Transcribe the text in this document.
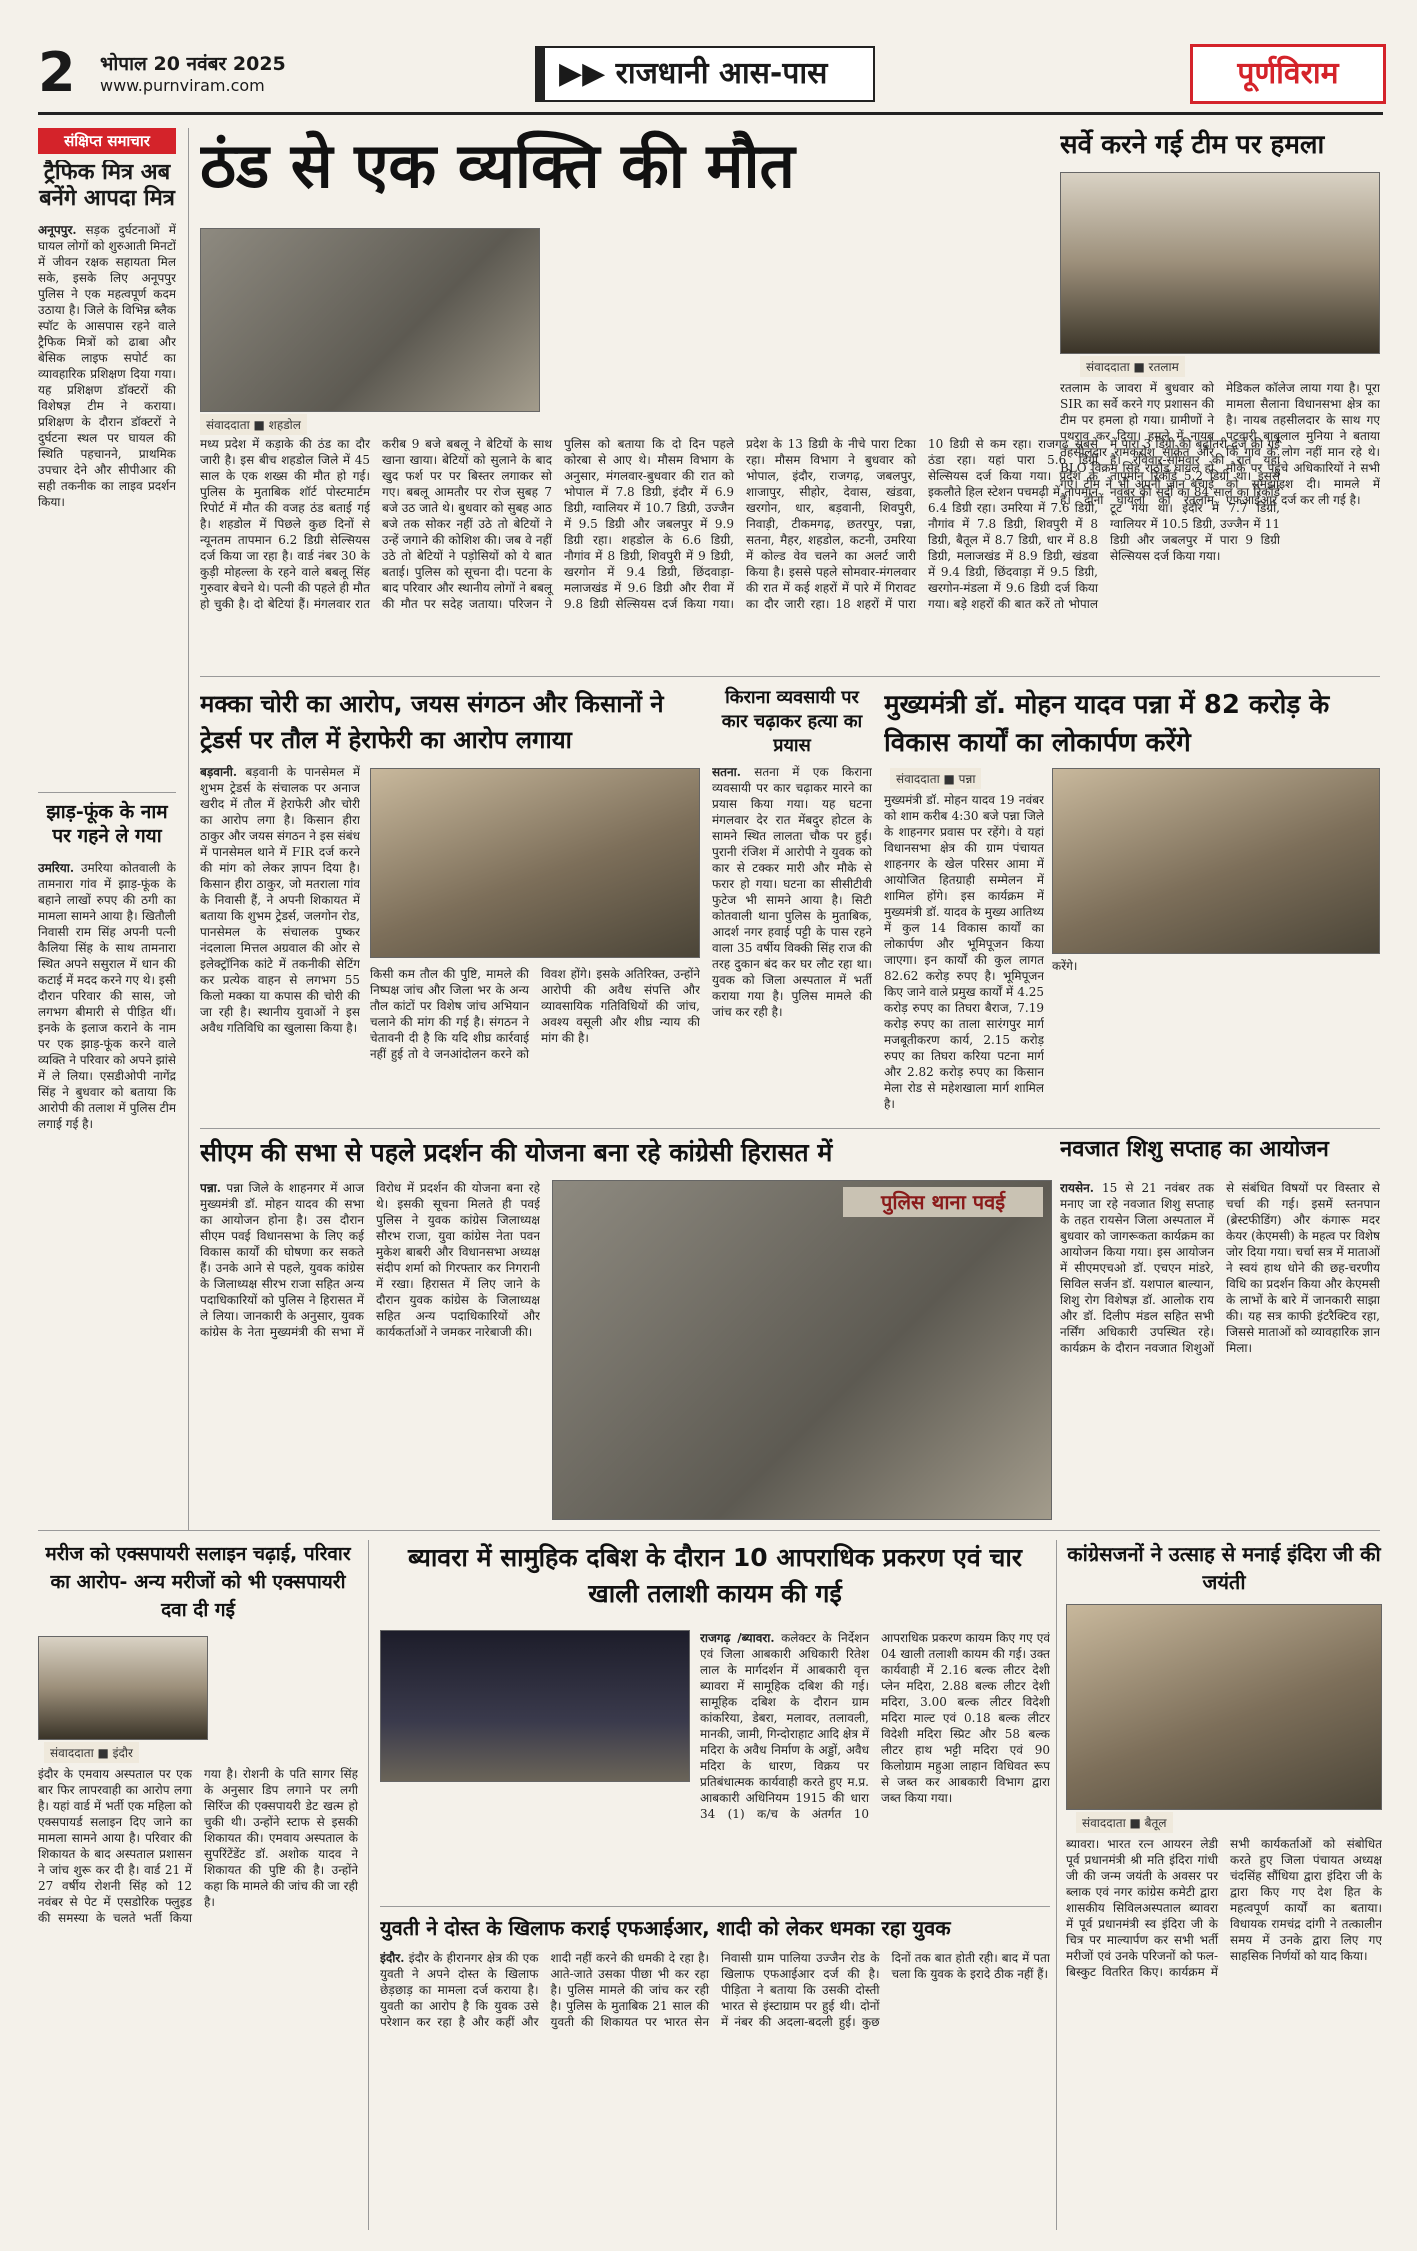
2	भोपाल 20 नवंबर 2025
www.purnviram.com	▶▶ राजधानी आस-पास	पूर्णविराम
संक्षिप्त समाचार
ट्रैफिक मित्र अब बनेंगे आपदा मित्र
अनूपपुर. सड़क दुर्घटनाओं में घायल लोगों को शुरुआती मिनटों में जीवन रक्षक सहायता मिल सके, इसके लिए अनूपपुर पुलिस ने एक महत्वपूर्ण कदम उठाया है। जिले के विभिन्न ब्लैक स्पॉट के आसपास रहने वाले ट्रैफिक मित्रों को ढाबा और बेसिक लाइफ सपोर्ट का व्यावहारिक प्रशिक्षण दिया गया। यह प्रशिक्षण डॉक्टरों की विशेषज्ञ टीम ने कराया। प्रशिक्षण के दौरान डॉक्टरों ने दुर्घटना स्थल पर घायल की स्थिति पहचानने, प्राथमिक उपचार देने और सीपीआर की सही तकनीक का लाइव प्रदर्शन किया।
झाड़-फूंक के नाम पर गहने ले गया
उमरिया. उमरिया कोतवाली के तामनारा गांव में झाड़-फूंक के बहाने लाखों रुपए की ठगी का मामला सामने आया है। खितौली निवासी राम सिंह अपनी पत्नी कैलिया सिंह के साथ तामनारा स्थित अपने ससुराल में धान की कटाई में मदद करने गए थे। इसी दौरान परिवार की सास, जो लगभग बीमारी से पीड़ित थीं। इनके के इलाज कराने के नाम पर एक झाड़-फूंक करने वाले व्यक्ति ने परिवार को अपने झांसे में ले लिया। एसडीओपी नागेंद्र सिंह ने बुधवार को बताया कि आरोपी की तलाश में पुलिस टीम लगाई गई है।
ठंड से एक व्यक्ति की मौत
संवाददाता ■ शहडोल
मध्य प्रदेश में कड़ाके की ठंड का दौर जारी है। इस बीच शहडोल जिले में 45 साल के एक शख्स की मौत हो गई। पुलिस के मुताबिक शॉर्ट पोस्टमार्टम रिपोर्ट में मौत की वजह ठंड बताई गई है। शहडोल में पिछले कुछ दिनों से न्यूनतम तापमान 6.2 डिग्री सेल्सियस दर्ज किया जा रहा है। वार्ड नंबर 30 के कुड़ी मोहल्ला के रहने वाले बबलू सिंह गुरुवार बेचने थे। पत्नी की पहले ही मौत हो चुकी है। दो बेटियां हैं। मंगलवार रात करीब 9 बजे बबलू ने बेटियों के साथ खाना खाया। बेटियों को सुलाने के बाद खुद फर्श पर पर बिस्तर लगाकर सो गए। बबलू आमतौर पर रोज सुबह 7 बजे उठ जाते थे। बुधवार को सुबह आठ बजे तक सोकर नहीं उठे तो बेटियों ने उन्हें जगाने की कोशिश की। जब वे नहीं उठे तो बेटियों ने पड़ोसियों को ये बात बताई। पुलिस को सूचना दी। पटना के बाद परिवार और स्थानीय लोगों ने बबलू की मौत पर सदेह जताया। परिजन ने पुलिस को बताया कि दो दिन पहले कोरबा से आए थे। मौसम विभाग के अनुसार, मंगलवार-बुधवार की रात को भोपाल में 7.8 डिग्री, इंदौर में 6.9 डिग्री, ग्वालियर में 10.7 डिग्री, उज्जैन में 9.5 डिग्री और जबलपुर में 9.9 डिग्री रहा। शहडोल के 6.6 डिग्री, नौगांव में 8 डिग्री, शिवपुरी में 9 डिग्री, खरगोन में 9.4 डिग्री, छिंदवाड़ा-मलाजखंड में 9.6 डिग्री और रीवा में 9.8 डिग्री सेल्सियस दर्ज किया गया। प्रदेश के 13 डिग्री के नीचे पारा टिका रहा। मौसम विभाग ने बुधवार को भोपाल, इंदौर, राजगढ़, जबलपुर, शाजापुर, सीहोर, देवास, खंडवा, खरगोन, धार, बड़वानी, शिवपुरी, निवाड़ी, टीकमगढ़, छतरपुर, पन्ना, सतना, मैहर, शहडोल, कटनी, उमरिया में कोल्ड वेव चलने का अलर्ट जारी किया है। इससे पहले सोमवार-मंगलवार की रात में कई शहरों में पारे में गिरावट का दौर जारी रहा। 18 शहरों में पारा 10 डिग्री से कम रहा। राजगढ़ सबसे ठंडा रहा। यहां पारा 5.6 डिग्री सेल्सियस दर्ज किया गया। प्रदेश के इकलौते हिल स्टेशन पचमढ़ी में तापमान 6.4 डिग्री रहा। उमरिया में 7.6 डिग्री, नौगांव में 7.8 डिग्री, शिवपुरी में 8 डिग्री, बैतूल में 8.7 डिग्री, धार में 8.8 डिग्री, मलाजखंड में 8.9 डिग्री, खंडवा में 9.4 डिग्री, छिंदवाड़ा में 9.5 डिग्री, खरगोन-मंडला में 9.6 डिग्री दर्ज किया गया। बड़े शहरों की बात करें तो भोपाल में पारा 3 डिग्री की बढ़ोतरी दर्ज की गई है। रविवार-सोमवार की रात यहां तापमान रिकॉर्ड 5.2 डिग्री था। इससे नवंबर की सर्दी का 84 साल का रिकॉर्ड टूट गया था। इंदौर में 7.7 डिग्री, ग्वालियर में 10.5 डिग्री, उज्जैन में 11 डिग्री और जबलपुर में पारा 9 डिग्री सेल्सियस दर्ज किया गया।
सर्वे करने गई टीम पर हमला
संवाददाता ■ रतलाम
रतलाम के जावरा में बुधवार को SIR का सर्वे करने गए प्रशासन की टीम पर हमला हो गया। ग्रामीणों ने पथराव कर दिया। हमले में नायब तहसीलदार रामकरोश साकेत और BLO विक्रम सिंह राठौड़ घायल हो गए। टीम ने भी अपनी जान बचाई है। दोनों घायलों को रतलाम मेडिकल कॉलेज लाया गया है। पूरा मामला सैलाना विधानसभा क्षेत्र का है। नायब तहसीलदार के साथ गए पटवारी बाबूलाल मुनिया ने बताया कि गांव के लोग नहीं मान रहे थे। मौके पर पहुंचे अधिकारियों ने सभी को समझाइश दी। मामले में एफआईआर दर्ज कर ली गई है।
मक्का चोरी का आरोप, जयस संगठन और किसानों ने ट्रेडर्स पर तौल में हेराफेरी का आरोप लगाया
बड़वानी. बड़वानी के पानसेमल में शुभम ट्रेडर्स के संचालक पर अनाज खरीद में तौल में हेराफेरी और चोरी का आरोप लगा है। किसान हीरा ठाकुर और जयस संगठन ने इस संबंध में पानसेमल थाने में FIR दर्ज करने की मांग को लेकर ज्ञापन दिया है। किसान हीरा ठाकुर, जो मतराला गांव के निवासी हैं, ने अपनी शिकायत में बताया कि शुभम ट्रेडर्स, जलगोन रोड, पानसेमल के संचालक पुष्कर नंदलाला मित्तल अग्रवाल की ओर से इलेक्ट्रॉनिक कांटे में तकनीकी सेटिंग कर प्रत्येक वाहन से लगभग 55 किलो मक्का या कपास की चोरी की जा रही है। स्थानीय युवाओं ने इस अवैध गतिविधि का खुलासा किया है।
किसी कम तौल की पुष्टि, मामले की निष्पक्ष जांच और जिला भर के अन्य तौल कांटों पर विशेष जांच अभियान चलाने की मांग की गई है। संगठन ने चेतावनी दी है कि यदि शीघ्र कार्रवाई नहीं हुई तो वे जनआंदोलन करने को विवश होंगे। इसके अतिरिक्त, उन्होंने आरोपी की अवैध संपत्ति और व्यावसायिक गतिविधियों की जांच, अवश्य वसूली और शीघ्र न्याय की मांग की है।
किराना व्यवसायी पर कार चढ़ाकर हत्या का प्रयास
सतना. सतना में एक किराना व्यवसायी पर कार चढ़ाकर मारने का प्रयास किया गया। यह घटना मंगलवार देर रात मेंबदुर होटल के सामने स्थित लालता चौक पर हुई। पुरानी रंजिश में आरोपी ने युवक को कार से टक्कर मारी और मौके से फरार हो गया। घटना का सीसीटीवी फुटेज भी सामने आया है। सिटी कोतवाली थाना पुलिस के मुताबिक, आदर्श नगर हवाई पट्टी के पास रहने वाला 35 वर्षीय विक्की सिंह राज की तरह दुकान बंद कर घर लौट रहा था। युवक को जिला अस्पताल में भर्ती कराया गया है। पुलिस मामले की जांच कर रही है।
मुख्यमंत्री डॉ. मोहन यादव पन्ना में 82 करोड़ के विकास कार्यों का लोकार्पण करेंगे
संवाददाता ■ पन्ना
मुख्यमंत्री डॉ. मोहन यादव 19 नवंबर को शाम करीब 4:30 बजे पन्ना जिले के शाहनगर प्रवास पर रहेंगे। वे यहां विधानसभा क्षेत्र की ग्राम पंचायत शाहनगर के खेल परिसर आमा में आयोजित हितग्राही सम्मेलन में शामिल होंगे। इस कार्यक्रम में मुख्यमंत्री डॉ. यादव के मुख्य आतिथ्य में कुल 14 विकास कार्यों का लोकार्पण और भूमिपूजन किया जाएगा। इन कार्यों की कुल लागत 82.62 करोड़ रुपए है। भूमिपूजन किए जाने वाले प्रमुख कार्यों में 4.25 करोड़ रुपए का तिघरा बैराज, 7.19 करोड़ रुपए का ताला सारंगपुर मार्ग मजबूतीकरण कार्य, 2.15 करोड़ रुपए का तिघरा करिया पटना मार्ग और 2.82 करोड़ रुपए का किसान मेला रोड से महेशखाला मार्ग शामिल है।
करेंगे।
सीएम की सभा से पहले प्रदर्शन की योजना बना रहे कांग्रेसी हिरासत में
पन्ना. पन्ना जिले के शाहनगर में आज मुख्यमंत्री डॉ. मोहन यादव की सभा का आयोजन होना है। उस दौरान सीएम पवई विधानसभा के लिए कई विकास कार्यों की घोषणा कर सकते हैं। उनके आने से पहले, युवक कांग्रेस के जिलाध्यक्ष सीरभ राजा सहित अन्य पदाधिकारियों को पुलिस ने हिरासत में ले लिया। जानकारी के अनुसार, युवक कांग्रेस के नेता मुख्यमंत्री की सभा में विरोध में प्रदर्शन की योजना बना रहे थे। इसकी सूचना मिलते ही पवई पुलिस ने युवक कांग्रेस जिलाध्यक्ष सौरभ राजा, युवा कांग्रेस नेता पवन मुकेश बाबरी और विधानसभा अध्यक्ष संदीप शर्मा को गिरफ्तार कर निगरानी में रखा। हिरासत में लिए जाने के दौरान युवक कांग्रेस के जिलाध्यक्ष सहित अन्य पदाधिकारियों और कार्यकर्ताओं ने जमकर नारेबाजी की।
पुलिस थाना पवई
नवजात शिशु सप्ताह का आयोजन
रायसेन. 15 से 21 नवंबर तक मनाए जा रहे नवजात शिशु सप्ताह के तहत रायसेन जिला अस्पताल में बुधवार को जागरूकता कार्यक्रम का आयोजन किया गया। इस आयोजन में सीएमएचओ डॉ. एचएन मांडरे, सिविल सर्जन डॉ. यशपाल बाल्यान, शिशु रोग विशेषज्ञ डॉ. आलोक राय और डॉ. दिलीप मंडल सहित सभी नर्सिंग अधिकारी उपस्थित रहे। कार्यक्रम के दौरान नवजात शिशुओं से संबंधित विषयों पर विस्तार से चर्चा की गई। इसमें स्तनपान (ब्रेस्टफीडिंग) और कंगारू मदर केयर (केएमसी) के महत्व पर विशेष जोर दिया गया। चर्चा सत्र में माताओं ने स्वयं हाथ धोने की छह-चरणीय विधि का प्रदर्शन किया और केएमसी के लाभों के बारे में जानकारी साझा की। यह सत्र काफी इंटरैक्टिव रहा, जिससे माताओं को व्यावहारिक ज्ञान मिला।
मरीज को एक्सपायरी सलाइन चढ़ाई, परिवार का आरोप- अन्य मरीजों को भी एक्सपायरी दवा दी गई
संवाददाता ■ इंदौर
इंदौर के एमवाय अस्पताल पर एक बार फिर लापरवाही का आरोप लगा है। यहां वार्ड में भर्ती एक महिला को एक्सपायर्ड सलाइन दिए जाने का मामला सामने आया है। परिवार की शिकायत के बाद अस्पताल प्रशासन ने जांच शुरू कर दी है। वार्ड 21 में 27 वर्षीय रोशनी सिंह को 12 नवंबर से पेट में एसडोरिक फ्लुइड की समस्या के चलते भर्ती किया गया है। रोशनी के पति सागर सिंह के अनुसार डिप लगाने पर लगी सिरिंज की एक्सपायरी डेट खत्म हो चुकी थी। उन्होंने स्टाफ से इसकी शिकायत की। एमवाय अस्पताल के सुपरिंटेंडेंट डॉ. अशोक यादव ने शिकायत की पुष्टि की है। उन्होंने कहा कि मामले की जांच की जा रही है।
ब्यावरा में सामुहिक दबिश के दौरान 10 आपराधिक प्रकरण एवं चार खाली तलाशी कायम की गई
राजगढ़ /ब्यावरा. कलेक्टर के निर्देशन एवं जिला आबकारी अधिकारी रितेश लाल के मार्गदर्शन में आबकारी वृत्त ब्यावरा में सामूहिक दबिश की गई। सामूहिक दबिश के दौरान ग्राम कांकरिया, डेबरा, मलावर, तलावली, मानकी, जामी, गिन्दोराहाट आदि क्षेत्र में मदिरा के अवैध निर्माण के अड्डों, अवैध मदिरा के धारण, विक्रय पर प्रतिबंधात्मक कार्यवाही करते हुए म.प्र. आबकारी अधिनियम 1915 की धारा 34 (1) क/च के अंतर्गत 10 आपराधिक प्रकरण कायम किए गए एवं 04 खाली तलाशी कायम की गई। उक्त कार्यवाही में 2.16 बल्क लीटर देशी प्लेन मदिरा, 2.88 बल्क लीटर देशी मदिरा, 3.00 बल्क लीटर विदेशी मदिरा माल्ट एवं 0.18 बल्क लीटर विदेशी मदिरा स्प्रिट और 58 बल्क लीटर हाथ भट्टी मदिरा एवं 90 किलोग्राम महुआ लाहान विधिवत रूप से जब्त कर आबकारी विभाग द्वारा जब्त किया गया।
युवती ने दोस्त के खिलाफ कराई एफआईआर, शादी को लेकर धमका रहा युवक
इंदौर. इंदौर के हीरानगर क्षेत्र की एक युवती ने अपने दोस्त के खिलाफ छेड़छाड़ का मामला दर्ज कराया है। युवती का आरोप है कि युवक उसे परेशान कर रहा है और कहीं और शादी नहीं करने की धमकी दे रहा है। आते-जाते उसका पीछा भी कर रहा है। पुलिस मामले की जांच कर रही है। पुलिस के मुताबिक 21 साल की युवती की शिकायत पर भारत सेन निवासी ग्राम पालिया उज्जैन रोड के खिलाफ एफआईआर दर्ज की है। पीड़िता ने बताया कि उसकी दोस्ती भारत से इंस्टाग्राम पर हुई थी। दोनों में नंबर की अदला-बदली हुई। कुछ दिनों तक बात होती रही। बाद में पता चला कि युवक के इरादे ठीक नहीं हैं।
कांग्रेसजनों ने उत्साह से मनाई इंदिरा जी की जयंती
संवाददाता ■ बैतूल
ब्यावरा। भारत रत्न आयरन लेडी पूर्व प्रधानमंत्री श्री मति इंदिरा गांधी जी की जन्म जयंती के अवसर पर ब्लाक एवं नगर कांग्रेस कमेटी द्वारा शासकीय सिविलअस्पताल ब्यावरा में पूर्व प्रधानमंत्री स्व इंदिरा जी के चित्र पर माल्यार्पण कर सभी भर्ती मरीजों एवं उनके परिजनों को फल-बिस्कुट वितरित किए। कार्यक्रम में सभी कार्यकर्ताओं को संबोधित करते हुए जिला पंचायत अध्यक्ष चंदसिंह सौंधिया द्वारा इंदिरा जी के द्वारा किए गए देश हित के महत्वपूर्ण कार्यों का बताया। विधायक रामचंद्र दांगी ने तत्कालीन समय में उनके द्वारा लिए गए साहसिक निर्णयों को याद किया।
